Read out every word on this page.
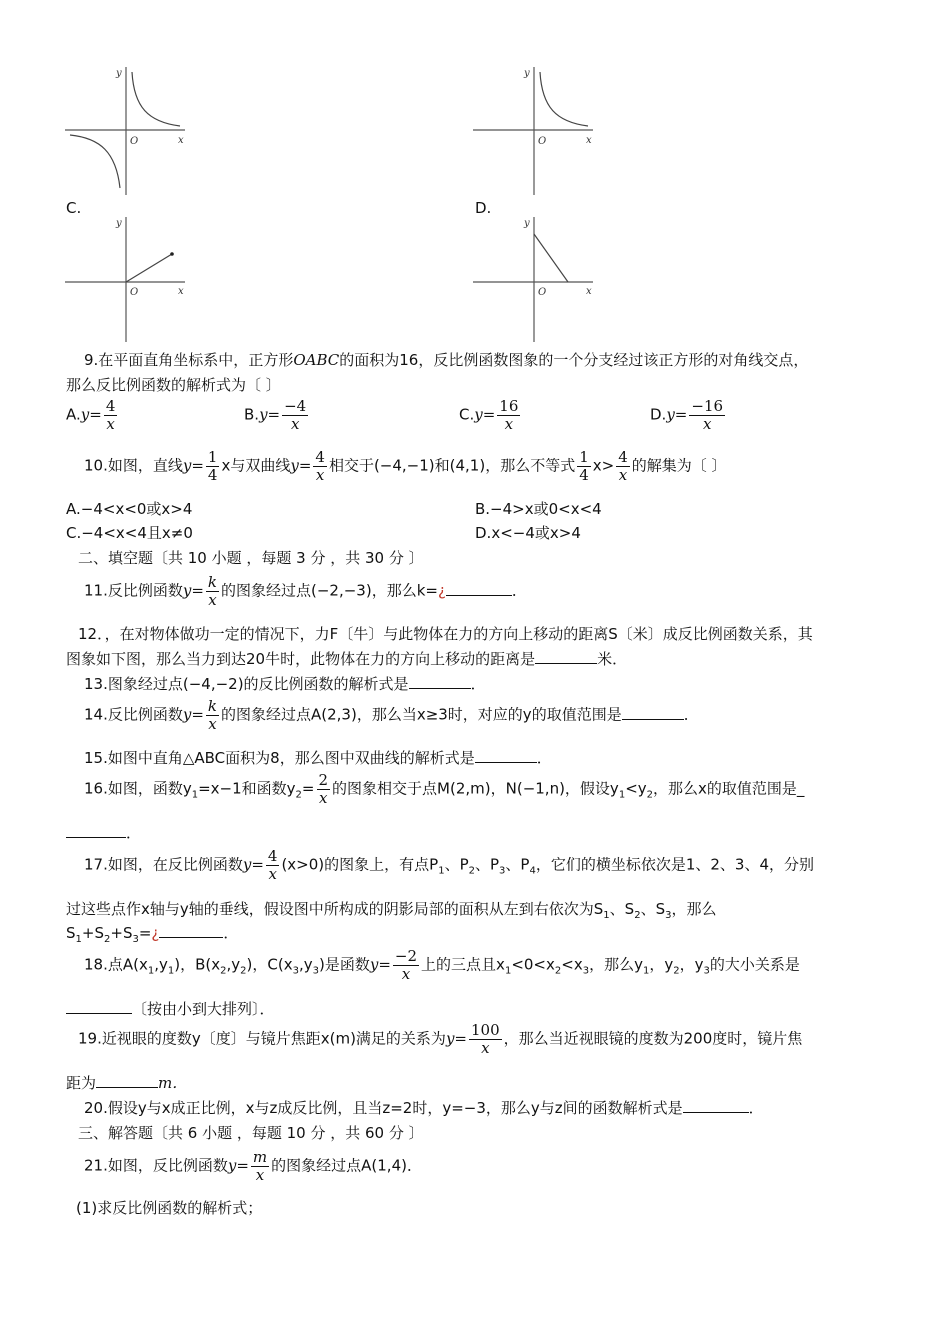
y
x
O
y
x
O
C.	D.
y
x
O
y
x
O
9.在平面直角坐标系中，正方形OABC的面积为16，反比例函数图象的一个分支经过该正方形的对角线交点，
那么反比例函数的解析式为〔 〕
$A.y= \frac{4}{x}$	$B.y= \frac{-4}{x}$	$C.y= \frac{16}{x}$	$D.y= \frac{-16}{x}$
10.如图，直线$y= \frac{1}{4}$ x与双曲线$y= \frac{4}{x}$ 相交于(−4,−1)和(4,1)，那么不等式 $\frac{1}{4} x> \frac{4}{x}$ 的解集为〔 〕
A.−4<x<0或x>4	B.−4>x或0<x<4
C.−4<x<4且x≠0	D.x<−4或x>4
二、填空题〔共 10 小题 ，每题 3 分 ，共 30 分 〕
11.反比例函数$y= \frac{k}{x}$ 的图象经过点(−2,−3)，那么k=¿	．
12．，在对物体做功一定的情况下，力F〔牛〕与此物体在力的方向上移动的距离S〔米〕成反比例函数关系，其
图象如下图，那么当力到达20牛时，此物体在力的方向上移动的距离是	米．
13.图象经过点(−4,−2)的反比例函数的解析式是	．
14.反比例函数$y= \frac{k}{x}$ 的图象经过点A(2,3)，那么当x≥3时，对应的y的取值范围是	．
15.如图中直角△ABC面积为8，那么图中双曲线的解析式是	．
16.如图，函数$y_1=x-1$和函数$y_2= \frac{2}{x}$ 的图象相交于点M(2,m)，N(−1,n)，假设$y_1<y_2$，那么x的取值范围是_
．
17.如图，在反比例函数$y= \frac{4}{x} (x>0)$的图象上，有点$P_1$、$P_2$、$P_3$、$P_4$，它们的横坐标依次是1、2、3、4，分别
过这些点作x轴与y轴的垂线，假设图中所构成的阴影局部的面积从左到右依次为$S_1$、$S_2$、$S_3$，那么
$S_1+S_2+S_3=¿$	．
18.点$A(x_1,y_1)$，$B(x_2,y_2)$，$C(x_3,y_3)$是函数$y= \frac{-2}{x}$ 上的三点且$x_1<0<x_2<x_3$，那么$y_1$，$y_2$，$y_3$的大小关系是
〔按由小到大排列〕．
19.近视眼的度数y〔度〕与镜片焦距x(m)满足的关系为$y= \frac{100}{x}$ ，那么当近视眼镜的度数为200度时，镜片焦
距为	m．
20.假设y与x成正比例，x与z成反比例，且当z=2时，y=−3，那么y与z间的函数解析式是	．
三、解答题〔共 6 小题 ，每题 10 分 ，共 60 分 〕
21.如图，反比例函数$y= \frac{m}{x}$ 的图象经过点A(1,4)．
(1)求反比例函数的解析式；
